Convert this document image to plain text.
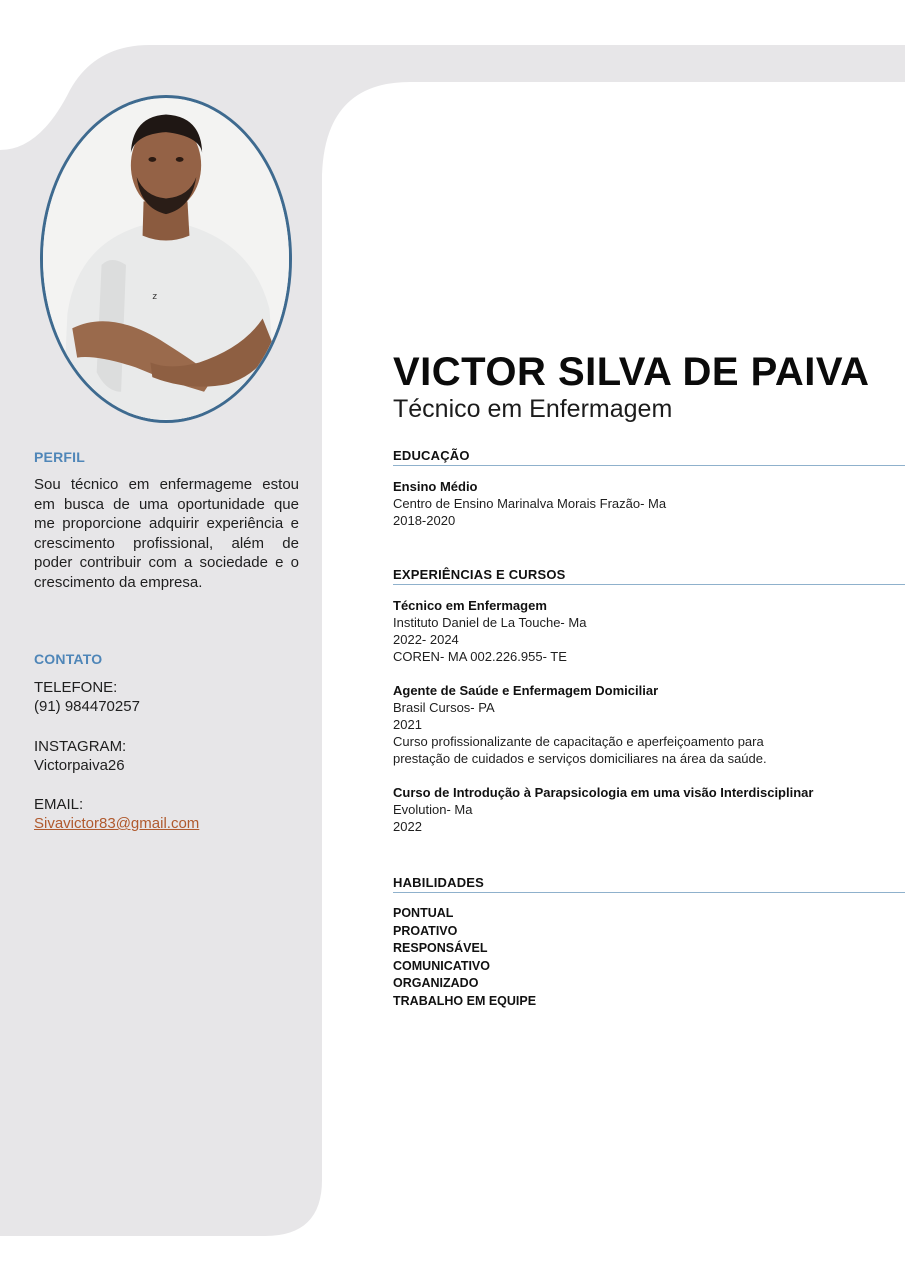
z
PERFIL
Sou técnico em enfermageme estou em busca de uma oportunidade que me proporcione adquirir experiência e crescimento profissional, além de poder contribuir com a sociedade e o crescimento da empresa.
CONTATO
TELEFONE:
(91) 984470257
INSTAGRAM:
Victorpaiva26
EMAIL:
Sivavictor83@gmail.com
VICTOR SILVA DE PAIVA
Técnico em Enfermagem
EDUCAÇÃO
Ensino Médio
Centro de Ensino Marinalva Morais Frazão- Ma
2018-2020
EXPERIÊNCIAS E CURSOS
Técnico em Enfermagem
Instituto Daniel de La Touche- Ma
2022- 2024
COREN- MA 002.226.955- TE
Agente de Saúde e Enfermagem Domiciliar
Brasil Cursos- PA
2021
Curso profissionalizante de capacitação e aperfeiçoamento para
prestação de cuidados e serviços domiciliares na área da saúde.
Curso de Introdução à Parapsicologia em uma visão Interdisciplinar
Evolution- Ma
2022
HABILIDADES
PONTUAL
PROATIVO
RESPONSÁVEL
COMUNICATIVO
ORGANIZADO
TRABALHO EM EQUIPE
